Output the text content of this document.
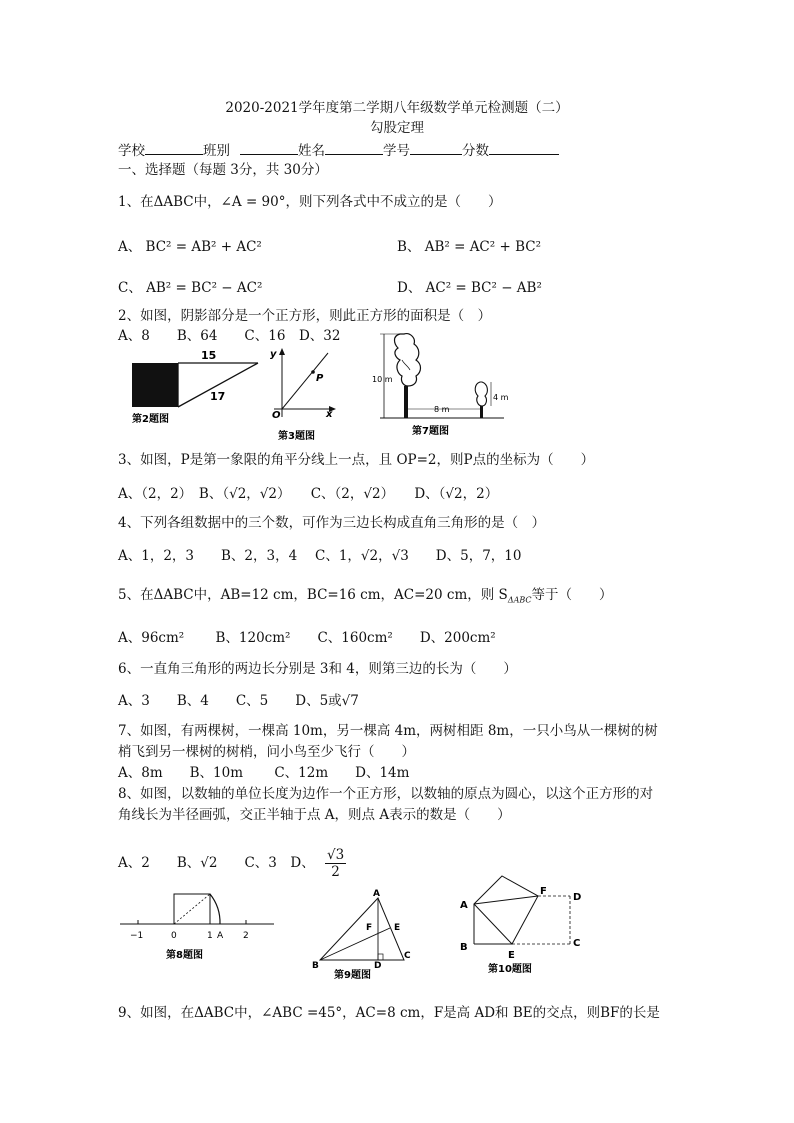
2020-2021学年度第二学期八年级数学单元检测题（二）
勾股定理
学校	班别	姓名	学号	分数
一、选择题（每题 3分，共 30分）
1、在ΔABC中，∠A = 90°，则下列各式中不成立的是（　　）
A、 BC² = AB² + AC²	B、 AB² = AC² + BC²
C、 AB² = BC² − AC²	D、 AC² = BC² − AB²
2、如图，阴影部分是一个正方形，则此正方形的面积是（　）
A、8　　B、64　　C、16　D、32
15
17
第2题图
y
x
O
P
第3题图
10 m
4 m
8 m
第7题图
3、如图，P是第一象限的角平分线上一点，且 OP=2，则P点的坐标为（　　）
A、（2，2）　B、（√2，√2）　　C、（2，√2）　　D、（√2，2）
4、下列各组数据中的三个数，可作为三边长构成直角三角形的是（　）
A、1，2，3　　B、2，3，4　 C、1，√2，√3　　D、5，7，10
5、在ΔABC中，AB=12 cm，BC=16 cm，AC=20 cm，则 $S_{\Delta ABC}$等于（　　）
A、96cm²　　 B、120cm²　　C、160cm²　　D、200cm²
6、一直角三角形的两边长分别是 3和 4，则第三边的长为（　　）
A、3　　B、4　　C、5　　D、5或√7
7、如图，有两棵树，一棵高 10m，另一棵高 4m，两树相距 8m，一只小鸟从一棵树的树
梢飞到另一棵树的树梢，问小鸟至少飞行（　　）
A、8m　　B、10m　　 C、12m　　D、14m
8、如图，以数轴的单位长度为边作一个正方形，以数轴的原点为圆心，以这个正方形的对
角线长为半径画弧，交正半轴于点 A，则点 A表示的数是（　　）
A、2　　B、√2　　C、3　D、 $\frac{√3}{2}$
−1	0	1 A 2
第8题图
A
B
C
D
E
F
第9题图
A
B	C
D
E
F
第10题图
9、如图，在ΔABC中，∠ABC =45°，AC=8 cm，F是高 AD和 BE的交点，则BF的长是
